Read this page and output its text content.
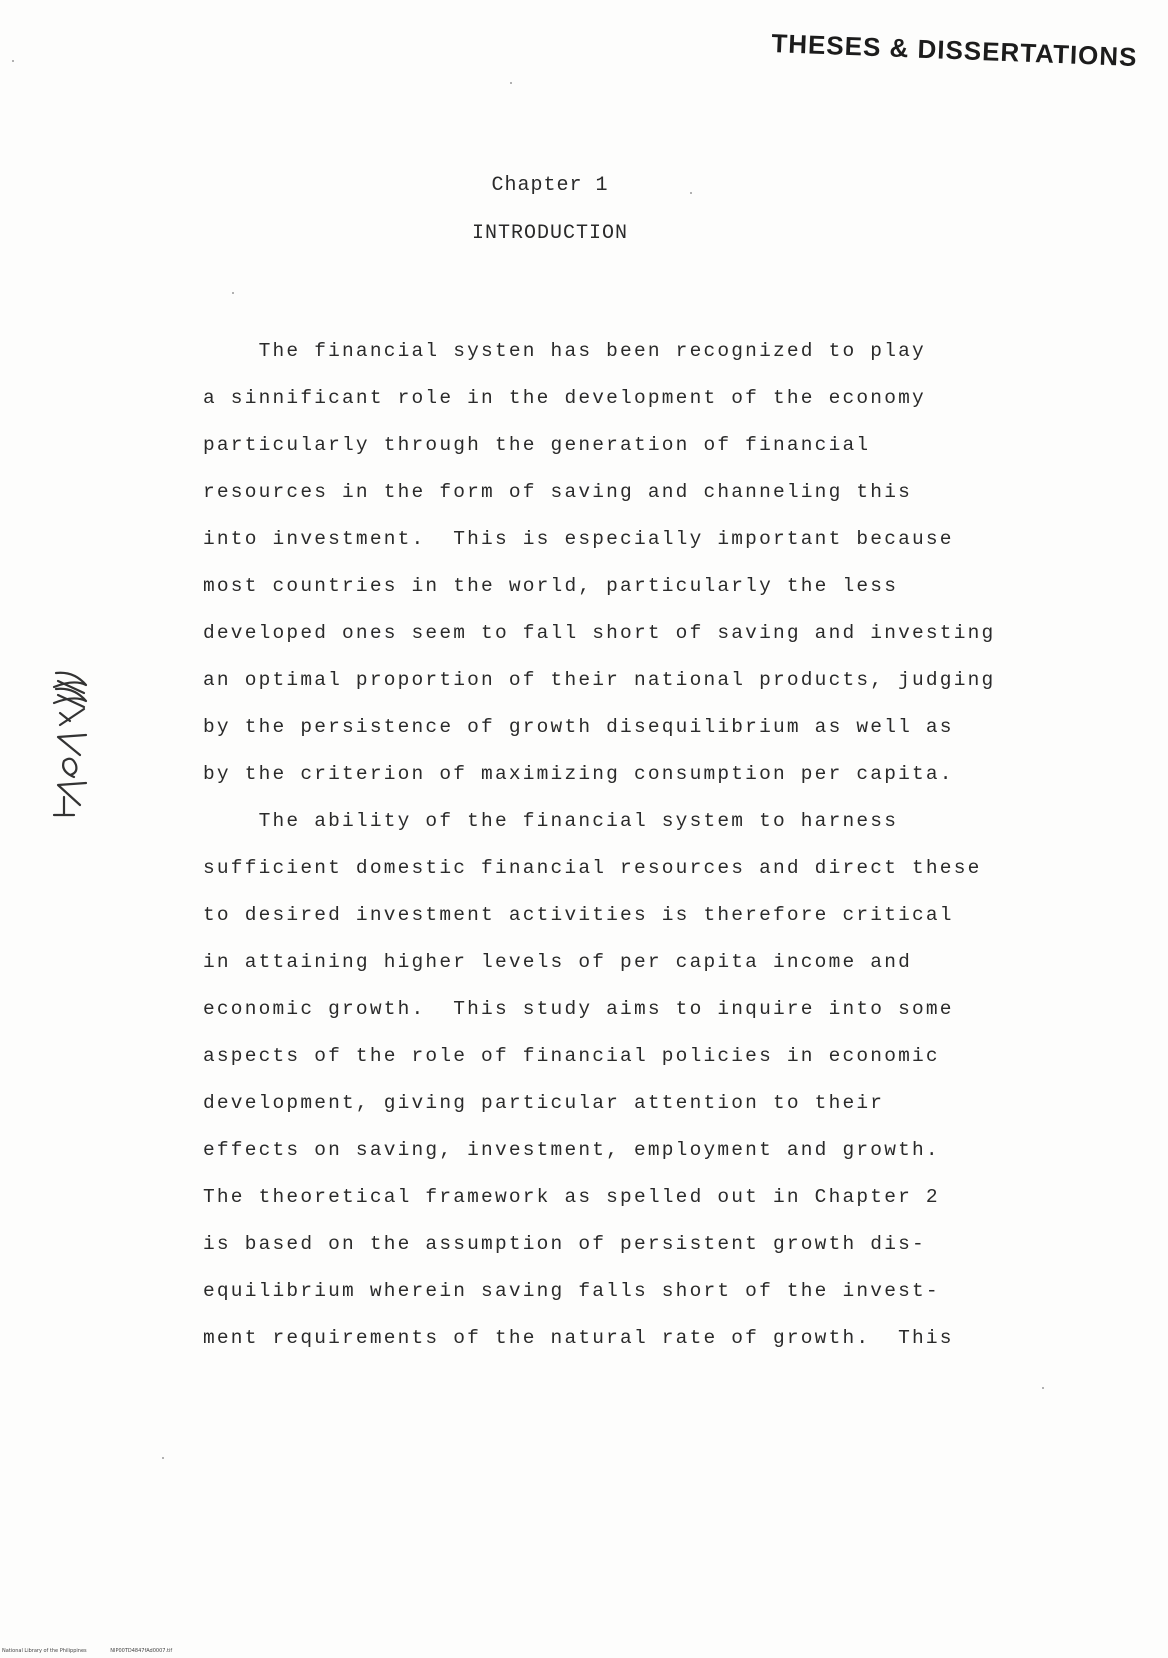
THESES & DISSERTATIONS
Chapter 1
INTRODUCTION
The financial systen has been recognized to play
a sinnificant role in the development of the economy
particularly through the generation of financial
resources in the form of saving and channeling this
into investment.  This is especially important because
most countries in the world, particularly the less
developed ones seem to fall short of saving and investing
an optimal proportion of their national products, judging
by the persistence of growth disequilibrium as well as
by the criterion of maximizing consumption per capita.
The ability of the financial system to harness
sufficient domestic financial resources and direct these
to desired investment activities is therefore critical
in attaining higher levels of per capita income and
economic growth.  This study aims to inquire into some
aspects of the role of financial policies in economic
development, giving particular attention to their
effects on saving, investment, employment and growth.
The theoretical framework as spelled out in Chapter 2
is based on the assumption of persistent growth dis-
equilibrium wherein saving falls short of the invest-
ment requirements of the natural rate of growth.  This
National Library of the Philippines	NIP00TD4847fAd0007.tif
